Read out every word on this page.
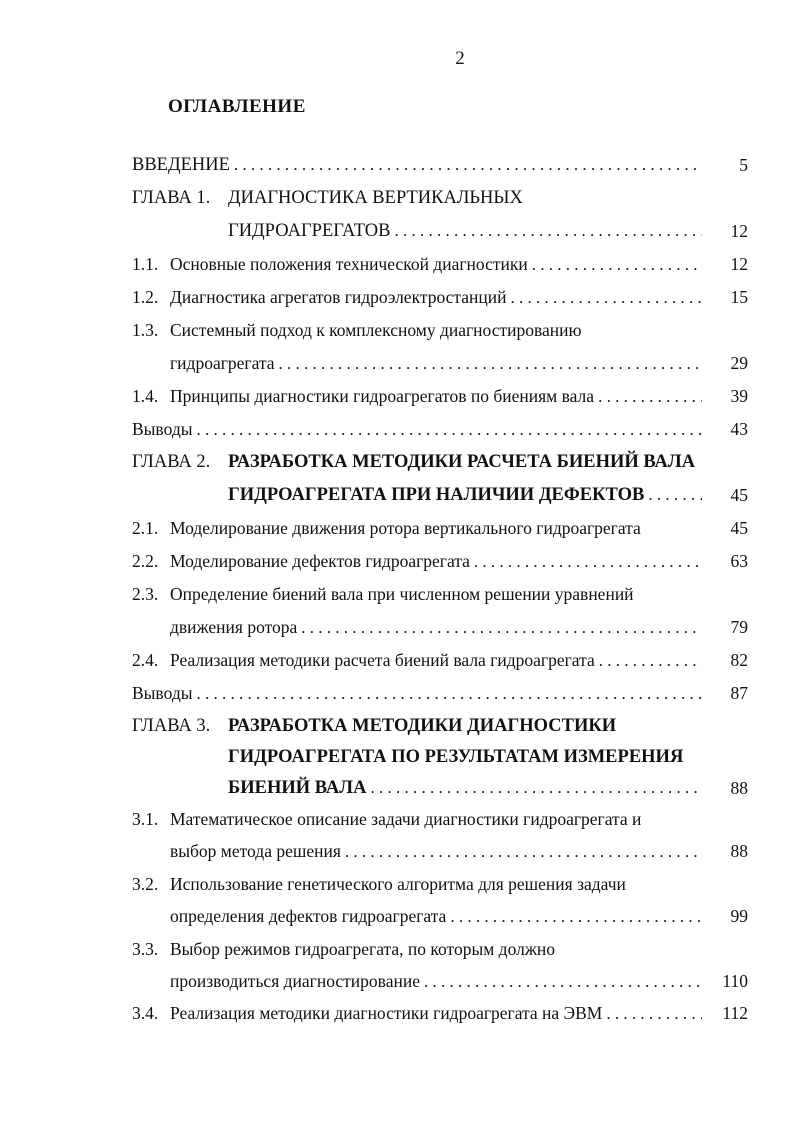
2
ОГЛАВЛЕНИЕ
ВВЕДЕНИЕ . . .	5
ГЛАВА 1. ДИАГНОСТИКА ВЕРТИКАЛЬНЫХ
ГИДРОАГРЕГАТОВ . . .	12
1.1. Основные положения технической диагностики . . .	12
1.2. Диагностика агрегатов гидроэлектростанций . . .	15
1.3. Системный подход к комплексному диагностированию
гидроагрегата . . .	29
1.4. Принципы диагностики гидроагрегатов по биениям вала . . .	39
Выводы . . .	43
ГЛАВА 2. РАЗРАБОТКА МЕТОДИКИ РАСЧЕТА БИЕНИЙ ВАЛА
ГИДРОАГРЕГАТА ПРИ НАЛИЧИИ ДЕФЕКТОВ . . .	45
2.1. Моделирование движения ротора вертикального гидроагрегата	45
2.2. Моделирование дефектов гидроагрегата . . .	63
2.3. Определение биений вала при численном решении уравнений
движения ротора . . .	79
2.4. Реализация методики расчета биений вала гидроагрегата . . .	82
Выводы . . .	87
ГЛАВА 3. РАЗРАБОТКА МЕТОДИКИ ДИАГНОСТИКИ
ГИДРОАГРЕГАТА ПО РЕЗУЛЬТАТАМ ИЗМЕРЕНИЯ
БИЕНИЙ ВАЛА . . .	88
3.1. Математическое описание задачи диагностики гидроагрегата и
выбор метода решения . . .	88
3.2. Использование генетического алгоритма для решения задачи
определения дефектов гидроагрегата . . .	99
3.3. Выбор режимов гидроагрегата, по которым должно
производиться диагностирование . . .	110
3.4. Реализация методики диагностики гидроагрегата на ЭВМ . . .	112
